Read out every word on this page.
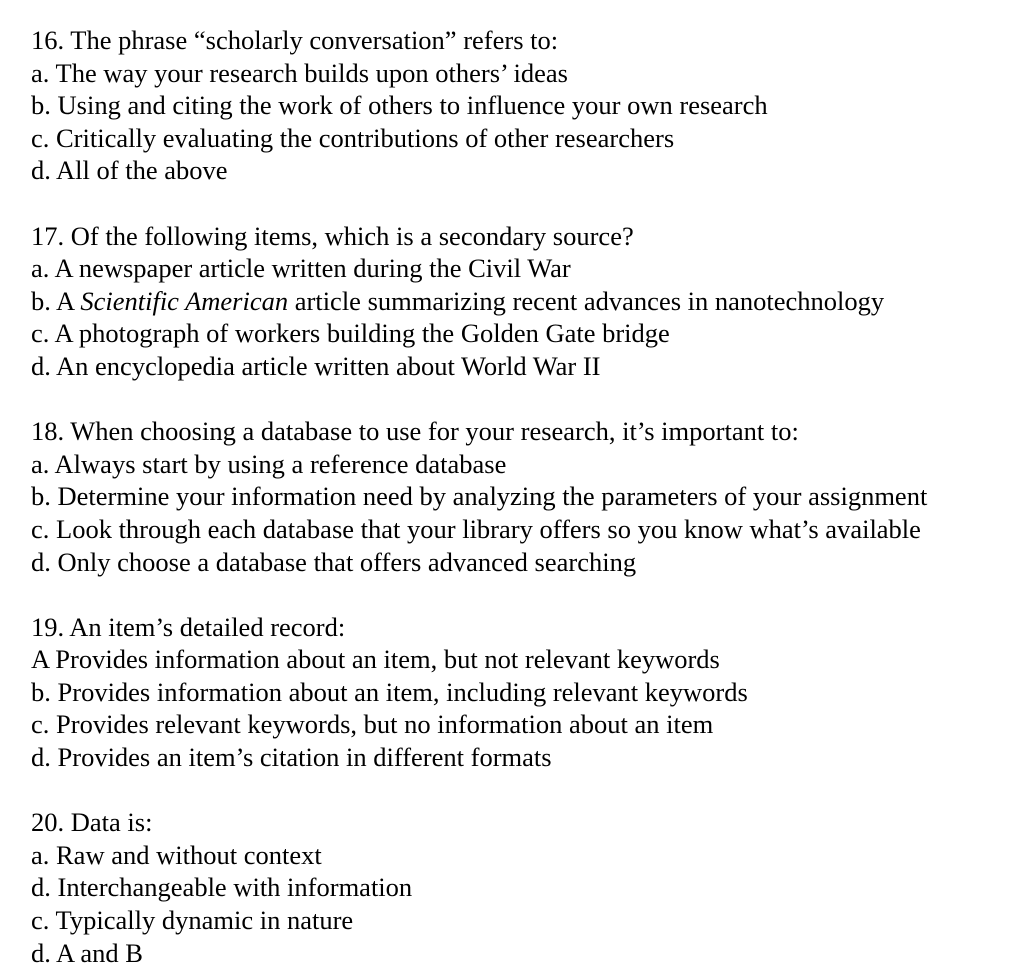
16. The phrase “scholarly conversation” refers to:
a. The way your research builds upon others’ ideas
b. Using and citing the work of others to influence your own research
c. Critically evaluating the contributions of other researchers
d. All of the above
17. Of the following items, which is a secondary source?
a. A newspaper article written during the Civil War
b. A Scientific American article summarizing recent advances in nanotechnology
c. A photograph of workers building the Golden Gate bridge
d. An encyclopedia article written about World War II
18. When choosing a database to use for your research, it’s important to:
a. Always start by using a reference database
b. Determine your information need by analyzing the parameters of your assignment
c. Look through each database that your library offers so you know what’s available
d. Only choose a database that offers advanced searching
19. An item’s detailed record:
A Provides information about an item, but not relevant keywords
b. Provides information about an item, including relevant keywords
c. Provides relevant keywords, but no information about an item
d. Provides an item’s citation in different formats
20. Data is:
a. Raw and without context
d. Interchangeable with information
c. Typically dynamic in nature
d. A and B
